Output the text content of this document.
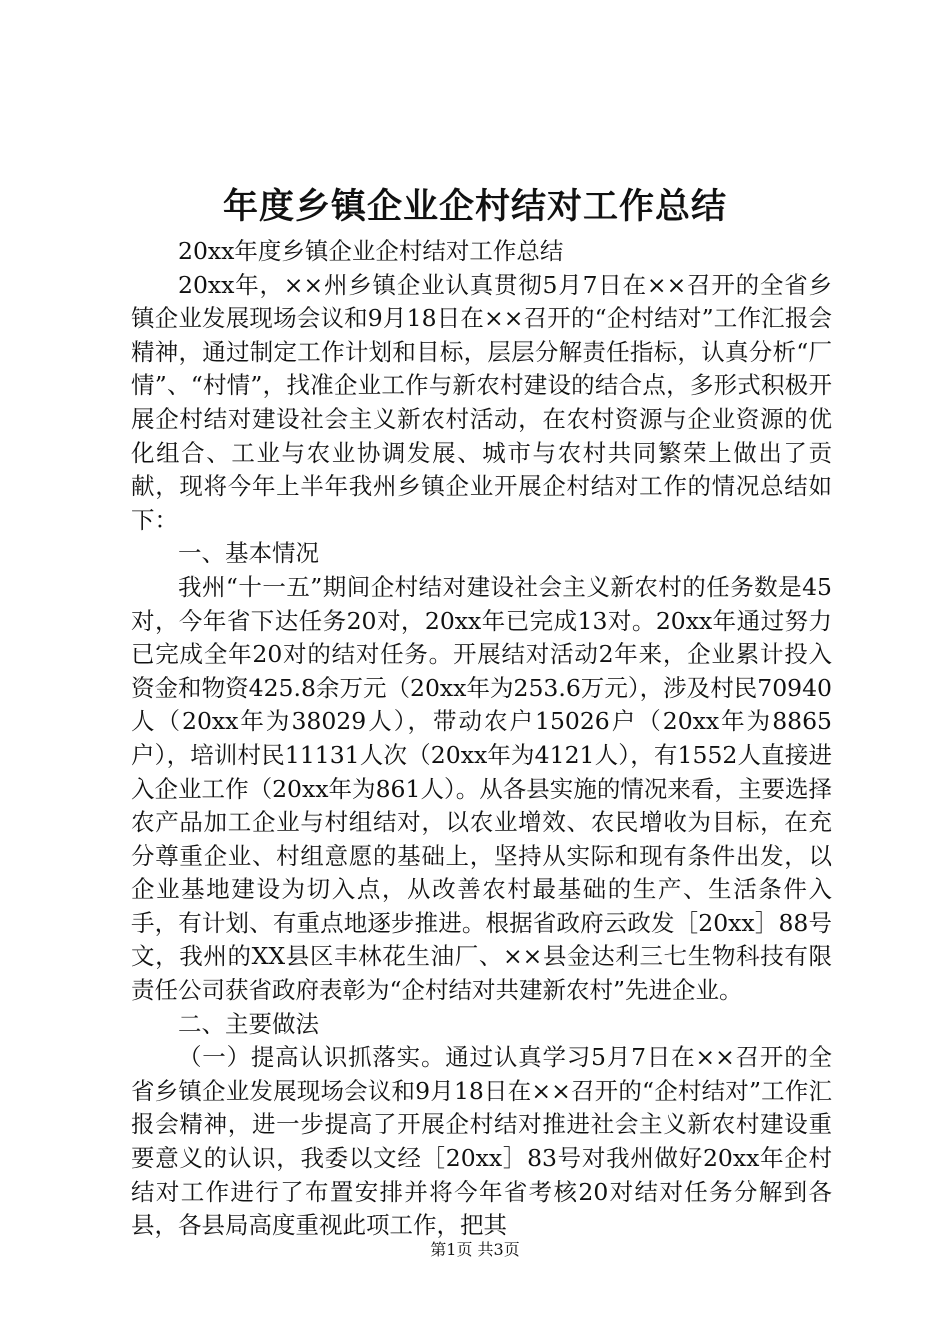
年度乡镇企业企村结对工作总结

20xx年度乡镇企业企村结对工作总结

20xx年，××州乡镇企业认真贯彻5月7日在××召开的全省乡镇企业发展现场会议和9月18日在××召开的“企村结对”工作汇报会精神，通过制定工作计划和目标，层层分解责任指标，认真分析“厂情”、“村情”，找准企业工作与新农村建设的结合点，多形式积极开展企村结对建设社会主义新农村活动，在农村资源与企业资源的优化组合、工业与农业协调发展、城市与农村共同繁荣上做出了贡献，现将今年上半年我州乡镇企业开展企村结对工作的情况总结如下：

一、基本情况

我州“十一五”期间企村结对建设社会主义新农村的任务数是45对，今年省下达任务20对，20xx年已完成13对。20xx年通过努力已完成全年20对的结对任务。开展结对活动2年来，企业累计投入资金和物资425.8余万元（20xx年为253.6万元），涉及村民70940人（20xx年为38029人），带动农户15026户（20xx年为8865户），培训村民11131人次（20xx年为4121人），有1552人直接进入企业工作（20xx年为861人）。从各县实施的情况来看，主要选择农产品加工企业与村组结对，以农业增效、农民增收为目标，在充分尊重企业、村组意愿的基础上，坚持从实际和现有条件出发，以企业基地建设为切入点，从改善农村最基础的生产、生活条件入手，有计划、有重点地逐步推进。根据省政府云政发［20xx］88号文，我州的XX县区丰林花生油厂、××县金达利三七生物科技有限责任公司获省政府表彰为“企村结对共建新农村”先进企业。

二、主要做法

（一）提高认识抓落实。通过认真学习5月7日在××召开的全省乡镇企业发展现场会议和9月18日在××召开的“企村结对”工作汇报会精神，进一步提高了开展企村结对推进社会主义新农村建设重要意义的认识，我委以文经［20xx］83号对我州做好20xx年企村结对工作进行了布置安排并将今年省考核20对结对任务分解到各县，各县局高度重视此项工作，把其

第1页 共3页
